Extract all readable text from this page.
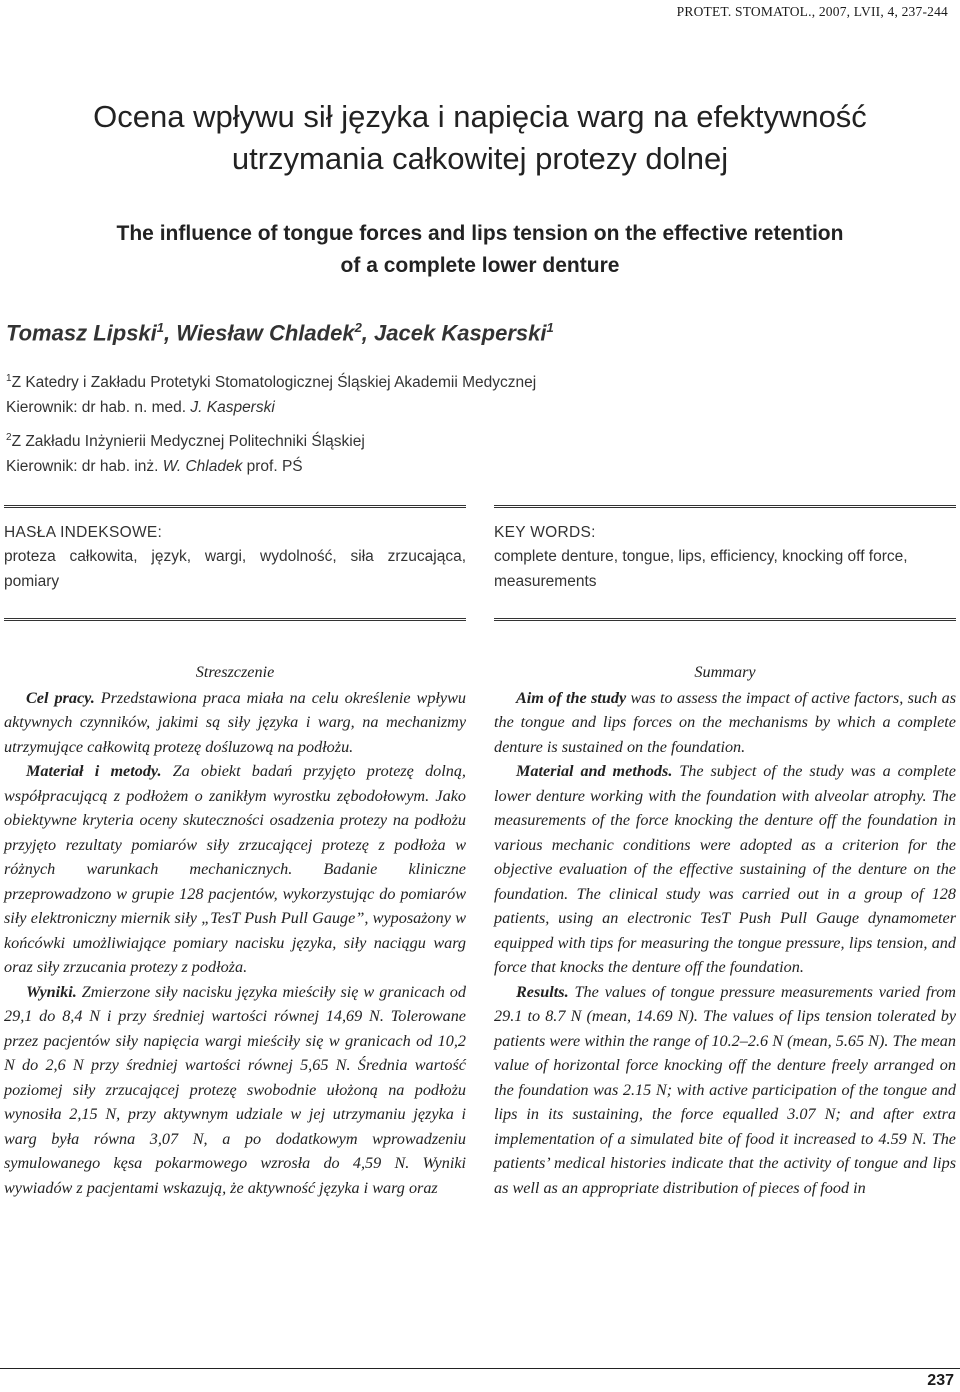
PROTET. STOMATOL., 2007, LVII, 4, 237-244
Ocena wpływu sił języka i napięcia warg na efektywność
utrzymania całkowitej protezy dolnej
The influence of tongue forces and lips tension on the effective retention
of a complete lower denture
Tomasz Lipski$^1$, Wiesław Chladek$^2$, Jacek Kasperski$^1$
$^1$Z Katedry i Zakładu Protetyki Stomatologicznej Śląskiej Akademii Medycznej
Kierownik: dr hab. n. med. J. Kasperski
$^2$Z Zakładu Inżynierii Medycznej Politechniki Śląskiej
Kierownik: dr hab. inż. W. Chladek prof. PŚ
HASŁA INDEKSOWE:
proteza całkowita, język, wargi, wydolność, siła zrzucająca, pomiary
KEY WORDS:
complete denture, tongue, lips, efficiency, knocking off force, measurements
Streszczenie

Cel pracy. Przedstawiona praca miała na celu określenie wpływu aktywnych czynników, jakimi są siły języka i warg, na mechanizmy utrzymujące całkowitą protezę dośluzową na podłożu.

Materiał i metody. Za obiekt badań przyjęto protezę dolną, współpracującą z podłożem o zanikłym wyrostku zębodołowym. Jako obiektywne kryteria oceny skuteczności osadzenia protezy na podłożu przyjęto rezultaty pomiarów siły zrzucającej protezę z podłoża w różnych warunkach mechanicznych. Badanie kliniczne przeprowadzono w grupie 128 pacjentów, wykorzystując do pomiarów siły elektroniczny miernik siły „TesT Push Pull Gauge”, wyposażony w końcówki umożliwiające pomiary nacisku języka, siły naciągu warg oraz siły zrzucania protezy z podłoża.

Wyniki. Zmierzone siły nacisku języka mieściły się w granicach od 29,1 do 8,4 N i przy średniej wartości równej 14,69 N. Tolerowane przez pacjentów siły napięcia wargi mieściły się w granicach od 10,2 N do 2,6 N przy średniej wartości równej 5,65 N. Średnia wartość poziomej siły zrzucającej protezę swobodnie ułożoną na podłożu wynosiła 2,15 N, przy aktywnym udziale w jej utrzymaniu języka i warg była równa 3,07 N, a po dodatkowym wprowadzeniu symulowanego kęsa pokarmowego wzrosła do 4,59 N. Wyniki wywiadów z pacjentami wskazują, że aktywność języka i warg oraz

Summary

Aim of the study was to assess the impact of active factors, such as the tongue and lips forces on the mechanisms by which a complete denture is sustained on the foundation.

Material and methods. The subject of the study was a complete lower denture working with the foundation with alveolar atrophy. The measurements of the force knocking the denture off the foundation in various mechanic conditions were adopted as a criterion for the objective evaluation of the effective sustaining of the denture on the foundation. The clinical study was carried out in a group of 128 patients, using an electronic TesT Push Pull Gauge dynamometer equipped with tips for measuring the tongue pressure, lips tension, and force that knocks the denture off the foundation.

Results. The values of tongue pressure measurements varied from 29.1 to 8.7 N (mean, 14.69 N). The values of lips tension tolerated by patients were within the range of 10.2–2.6 N (mean, 5.65 N). The mean value of horizontal force knocking off the denture freely arranged on the foundation was 2.15 N; with active participation of the tongue and lips in its sustaining, the force equalled 3.07 N; and after extra implementation of a simulated bite of food it increased to 4.59 N. The patients’ medical histories indicate that the activity of tongue and lips as well as an appropriate distribution of pieces of food in

237
